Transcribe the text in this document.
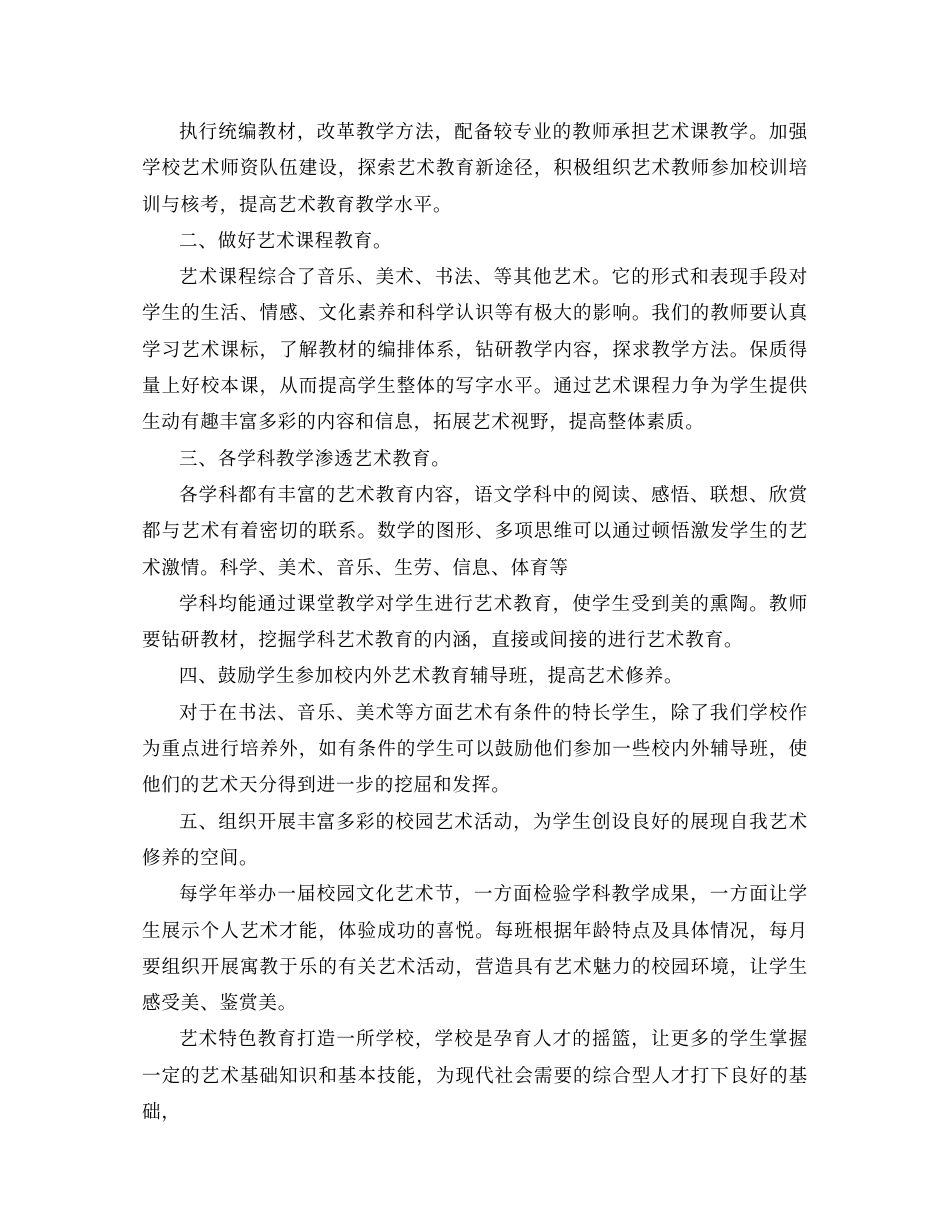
执行统编教材，改革教学方法，配备较专业的教师承担艺术课教学。加强学校艺术师资队伍建设，探索艺术教育新途径，积极组织艺术教师参加校训培训与核考，提高艺术教育教学水平。

二、做好艺术课程教育。

艺术课程综合了音乐、美术、书法、等其他艺术。它的形式和表现手段对学生的生活、情感、文化素养和科学认识等有极大的影响。我们的教师要认真学习艺术课标，了解教材的编排体系，钻研教学内容，探求教学方法。保质得量上好校本课，从而提高学生整体的写字水平。通过艺术课程力争为学生提供生动有趣丰富多彩的内容和信息，拓展艺术视野，提高整体素质。

三、各学科教学渗透艺术教育。

各学科都有丰富的艺术教育内容，语文学科中的阅读、感悟、联想、欣赏都与艺术有着密切的联系。数学的图形、多项思维可以通过顿悟激发学生的艺术激情。科学、美术、音乐、生劳、信息、体育等

学科均能通过课堂教学对学生进行艺术教育，使学生受到美的熏陶。教师要钻研教材，挖掘学科艺术教育的内涵，直接或间接的进行艺术教育。

四、鼓励学生参加校内外艺术教育辅导班，提高艺术修养。

对于在书法、音乐、美术等方面艺术有条件的特长学生，除了我们学校作为重点进行培养外，如有条件的学生可以鼓励他们参加一些校内外辅导班，使他们的艺术天分得到进一步的挖屈和发挥。

五、组织开展丰富多彩的校园艺术活动，为学生创设良好的展现自我艺术修养的空间。

每学年举办一届校园文化艺术节，一方面检验学科教学成果，一方面让学生展示个人艺术才能，体验成功的喜悦。每班根据年龄特点及具体情况，每月要组织开展寓教于乐的有关艺术活动，营造具有艺术魅力的校园环境，让学生感受美、鉴赏美。

艺术特色教育打造一所学校，学校是孕育人才的摇篮，让更多的学生掌握一定的艺术基础知识和基本技能，为现代社会需要的综合型人才打下良好的基础，
